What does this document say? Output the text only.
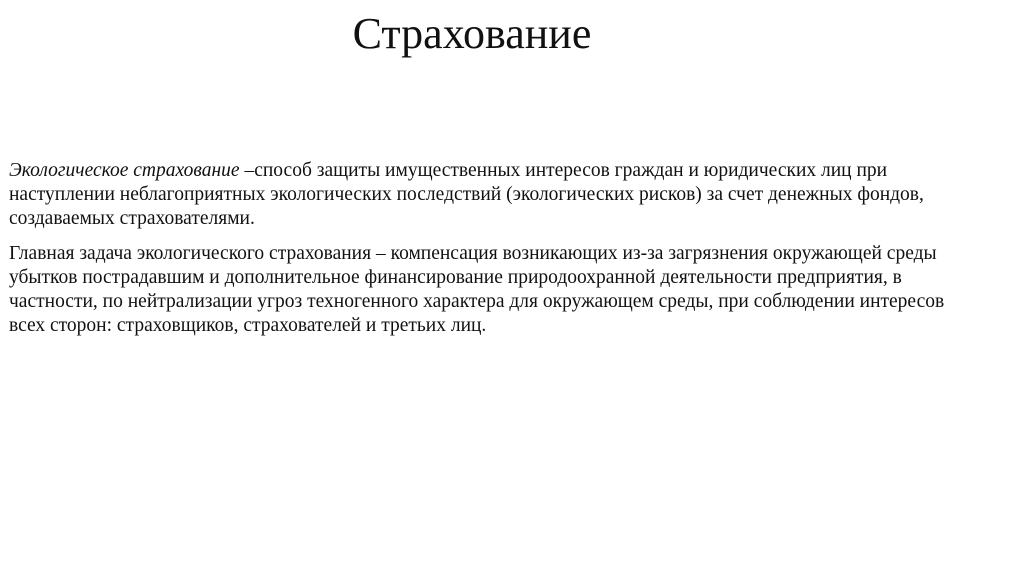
Страхование

Экологическое страхование –способ защиты имущественных интересов граждан и юридических лиц при наступлении неблагоприятных экологических последствий (экологических рисков) за счет денежных фондов, создаваемых страхователями.

Главная задача экологического страхования – компенсация возникающих из-за загрязнения окружающей среды убытков пострадавшим и дополнительное финансирование природоохранной деятельности предприятия, в частности, по нейтрализации угроз техногенного характера для окружающем среды, при соблюдении интересов всех сторон: страховщиков, страхователей и третьих лиц.
